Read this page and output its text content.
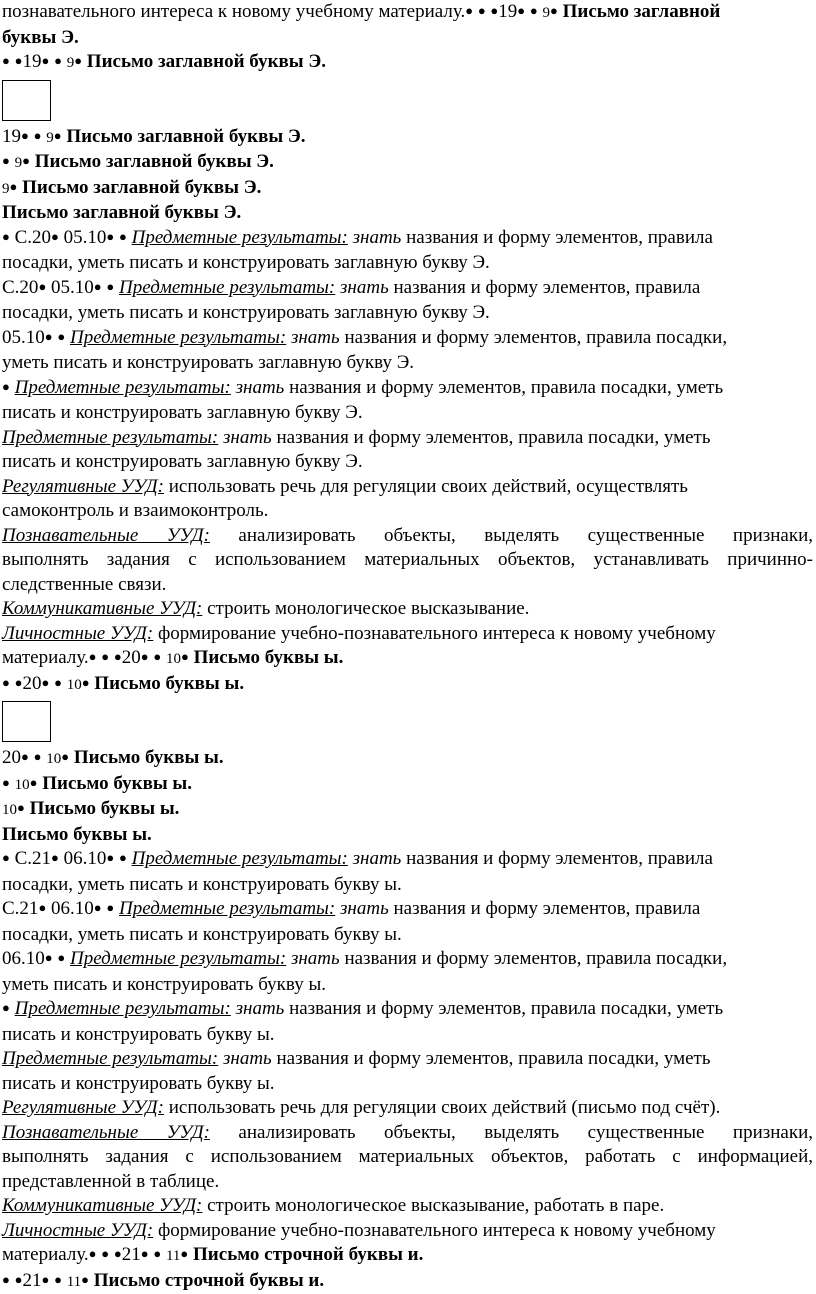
познавательного интереса к новому учебному материалу.● ● ●19● ● 9● Письмо заглавной
буквы Э.
● ●19● ● 9● Письмо заглавной буквы Э.
19● ● 9● Письмо заглавной буквы Э.
● 9● Письмо заглавной буквы Э.
9● Письмо заглавной буквы Э.
Письмо заглавной буквы Э.
● С.20● 05.10● ● Предметные результаты: знать названия и форму элементов, правила
посадки, уметь писать и конструировать заглавную букву Э.
С.20● 05.10● ● Предметные результаты: знать названия и форму элементов, правила
посадки, уметь писать и конструировать заглавную букву Э.
05.10● ● Предметные результаты: знать названия и форму элементов, правила посадки,
уметь писать и конструировать заглавную букву Э.
● Предметные результаты: знать названия и форму элементов, правила посадки, уметь
писать и конструировать заглавную букву Э.
Предметные результаты: знать названия и форму элементов, правила посадки, уметь
писать и конструировать заглавную букву Э.
Регулятивные УУД: использовать речь для регуляции своих действий, осуществлять
самоконтроль и взаимоконтроль.
Познавательные УУД: анализировать объекты, выделять существенные признаки,
выполнять задания с использованием материальных объектов, устанавливать причинно-
следственные связи.
Коммуникативные УУД: строить монологическое высказывание.
Личностные УУД: формирование учебно-познавательного интереса к новому учебному
материалу.● ● ●20● ● 10● Письмо буквы ы.
● ●20● ● 10● Письмо буквы ы.
20● ● 10● Письмо буквы ы.
● 10● Письмо буквы ы.
10● Письмо буквы ы.
Письмо буквы ы.
● С.21● 06.10● ● Предметные результаты: знать названия и форму элементов, правила
посадки, уметь писать и конструировать букву ы.
С.21● 06.10● ● Предметные результаты: знать названия и форму элементов, правила
посадки, уметь писать и конструировать букву ы.
06.10● ● Предметные результаты: знать названия и форму элементов, правила посадки,
уметь писать и конструировать букву ы.
● Предметные результаты: знать названия и форму элементов, правила посадки, уметь
писать и конструировать букву ы.
Предметные результаты: знать названия и форму элементов, правила посадки, уметь
писать и конструировать букву ы.
Регулятивные УУД: использовать речь для регуляции своих действий (письмо под счёт).
Познавательные УУД: анализировать объекты, выделять существенные признаки,
выполнять задания с использованием материальных объектов, работать с информацией,
представленной в таблице.
Коммуникативные УУД: строить монологическое высказывание, работать в паре.
Личностные УУД: формирование учебно-познавательного интереса к новому учебному
материалу.● ● ●21● ● 11● Письмо строчной буквы и.
● ●21● ● 11● Письмо строчной буквы и.
